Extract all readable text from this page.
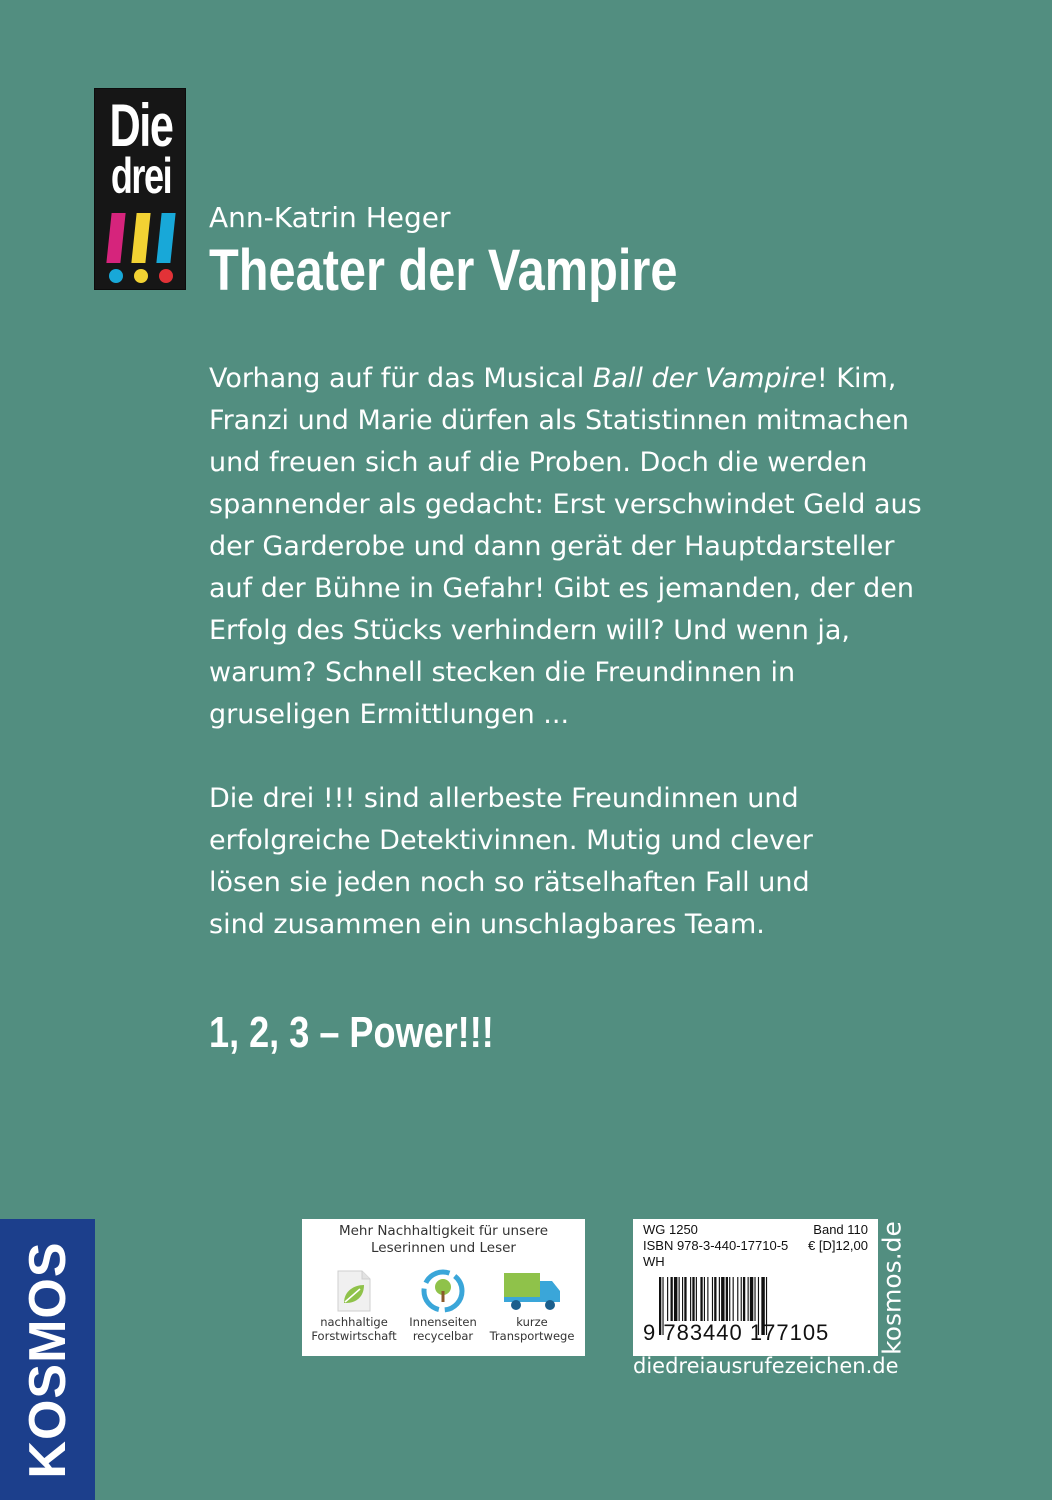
Die
drei
Ann-Katrin Heger
Theater der Vampire

Vorhang auf für das Musical Ball der Vampire! Kim,

Franzi und Marie dürfen als Statistinnen mitmachen

und freuen sich auf die Proben. Doch die werden

spannender als gedacht: Erst verschwindet Geld aus

der Garderobe und dann gerät der Hauptdarsteller

auf der Bühne in Gefahr! Gibt es jemanden, der den

Erfolg des Stücks verhindern will? Und wenn ja,

warum? Schnell stecken die Freundinnen in

gruseligen Ermittlungen ...

Die drei !!! sind allerbeste Freundinnen und

erfolgreiche Detektivinnen. Mutig und clever

lösen sie jeden noch so rätselhaften Fall und

sind zusammen ein unschlagbares Team.

1, 2, 3 – Power!!!
KOSMOS
Mehr Nachhaltigkeit für unsere
Leserinnen und Leser
nachhaltige
Forstwirtschaft
Innenseiten
recycelbar
kurze
Transportwege
WG 1250	Band 110
ISBN 978-3-440-17710-5 € [D]12,00
WH
9 783440 177105 kosmos.de
diedreiausrufezeichen.de
